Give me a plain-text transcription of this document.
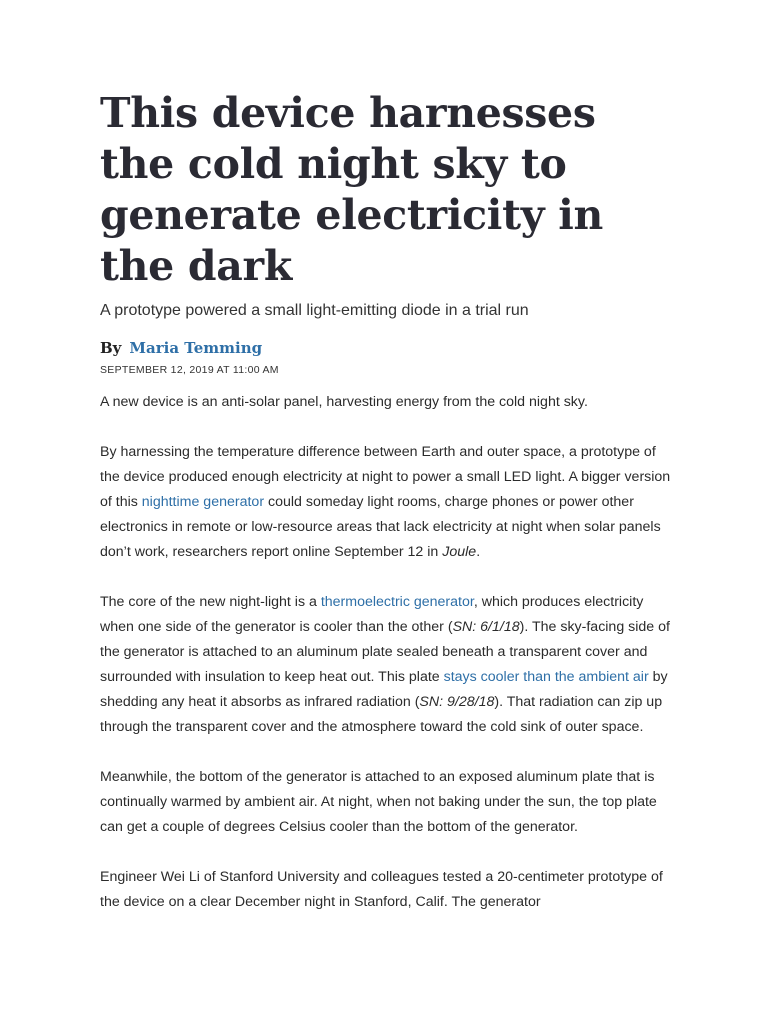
This device harnesses the cold night sky to generate electricity in the dark

A prototype powered a small light-emitting diode in a trial run

By Maria Temming
SEPTEMBER 12, 2019 AT 11:00 AM

A new device is an anti-solar panel, harvesting energy from the cold night sky.

By harnessing the temperature difference between Earth and outer space, a prototype of the device produced enough electricity at night to power a small LED light. A bigger version of this nighttime generator could someday light rooms, charge phones or power other electronics in remote or low-resource areas that lack electricity at night when solar panels don’t work, researchers report online September 12 in Joule.

The core of the new night-light is a thermoelectric generator, which produces electricity when one side of the generator is cooler than the other (SN: 6/1/18). The sky-facing side of the generator is attached to an aluminum plate sealed beneath a transparent cover and surrounded with insulation to keep heat out. This plate stays cooler than the ambient air by shedding any heat it absorbs as infrared radiation (SN: 9/28/18). That radiation can zip up through the transparent cover and the atmosphere toward the cold sink of outer space.

Meanwhile, the bottom of the generator is attached to an exposed aluminum plate that is continually warmed by ambient air. At night, when not baking under the sun, the top plate can get a couple of degrees Celsius cooler than the bottom of the generator.

Engineer Wei Li of Stanford University and colleagues tested a 20-centimeter prototype of the device on a clear December night in Stanford, Calif. The generator
